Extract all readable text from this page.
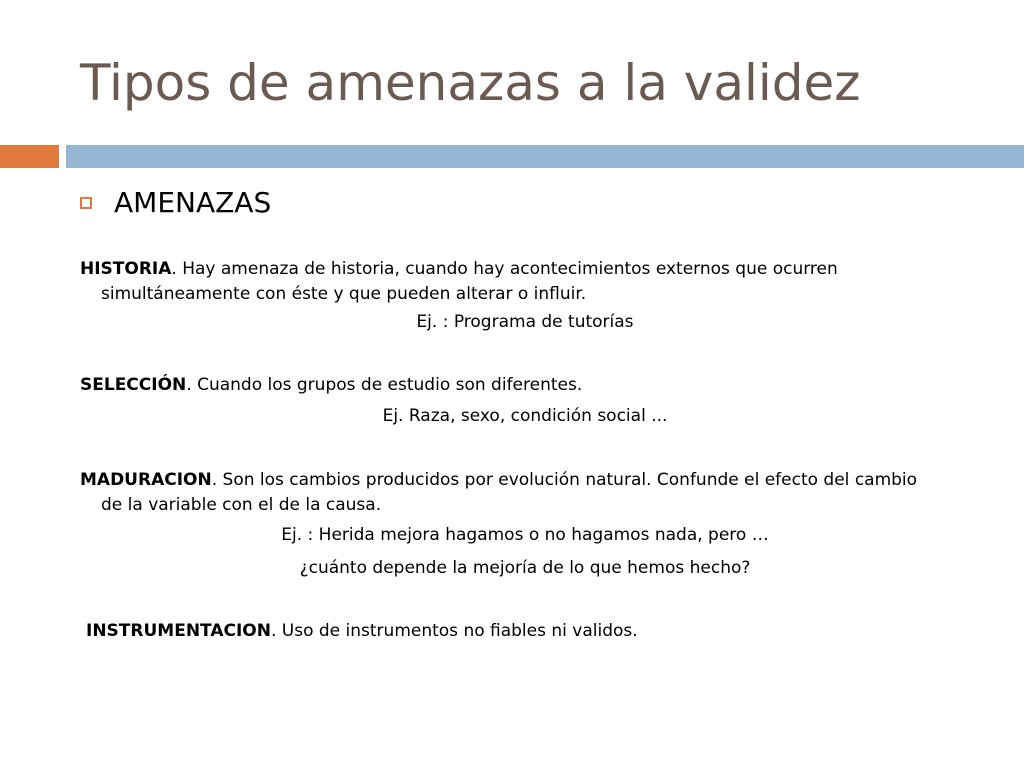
Tipos de amenazas a la validez
AMENAZAS
HISTORIA. Hay amenaza de historia, cuando hay acontecimientos externos que ocurren
simultáneamente con éste y que pueden alterar o influir.
Ej. : Programa de tutorías
SELECCIÓN. Cuando los grupos de estudio son diferentes.
Ej. Raza, sexo, condición social ...
MADURACION. Son los cambios producidos por evolución natural. Confunde el efecto del cambio
de la variable con el de la causa.
Ej. : Herida mejora hagamos o no hagamos nada, pero …
¿cuánto depende la mejoría de lo que hemos hecho?
INSTRUMENTACION. Uso de instrumentos no fiables ni validos.
